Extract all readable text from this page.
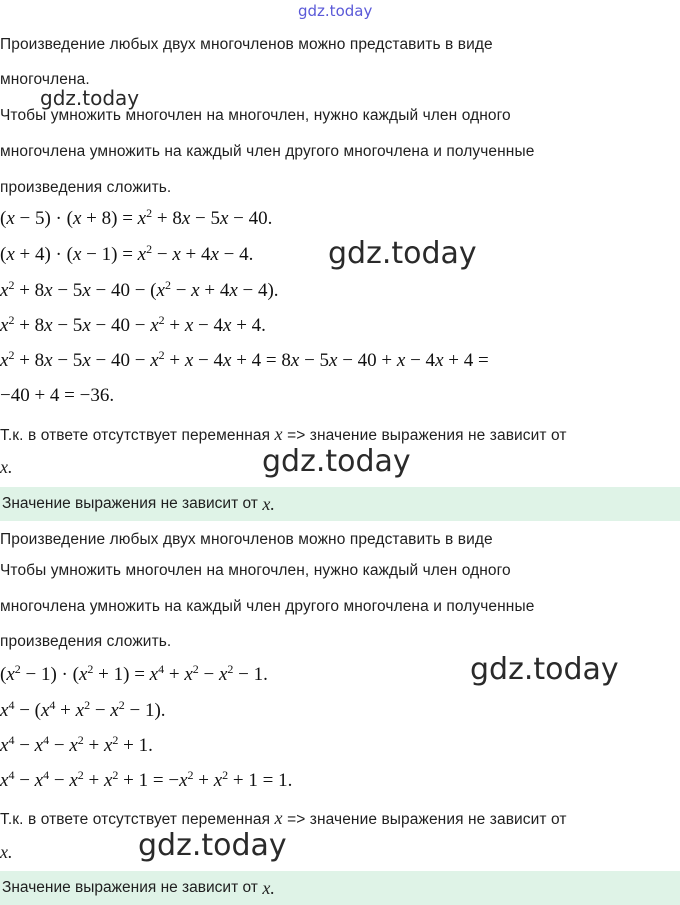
gdz.today
Произведение любых двух многочленов можно представить в виде
многочлена.
gdz.today
Чтобы умножить многочлен на многочлен, нужно каждый член одного
многочлена умножить на каждый член другого многочлена и полученные
произведения сложить.
$(x - 5) \cdot (x + 8) = x^2 + 8x - 5x - 40$.
$(x + 4) \cdot (x - 1) = x^2 - x + 4x - 4$. gdz.today
$x^2 + 8x - 5x - 40 - (x^2 - x + 4x - 4)$.
$x^2 + 8x - 5x - 40 - x^2 + x - 4x + 4$.
$x^2 + 8x - 5x - 40 - x^2 + x - 4x + 4 = 8x - 5x - 40 + x - 4x + 4$ =
−40 + 4 = −36.
Т.к. в ответе отсутствует переменная x => значение выражения не зависит от
x.	gdz.today
Значение выражения не зависит от
x.
Произведение любых двух многочленов можно представить в виде
Чтобы умножить многочлен на многочлен, нужно каждый член одного
многочлена умножить на каждый член другого многочлена и полученные
произведения сложить.
$(x^2 - 1) \cdot (x^2 + 1) = x^4 + x^2 - x^2 - 1$.	gdz.today
$x^4 - (x^4 + x^2 - x^2 - 1)$.
$x^4 - x^4 - x^2 + x^2 + 1$.
$x^4 - x^4 - x^2 + x^2 + 1 = -x^2 + x^2 + 1 = 1$.
Т.к. в ответе отсутствует переменная x => значение выражения не зависит от
x.	gdz.today
Значение выражения не зависит от
x.
